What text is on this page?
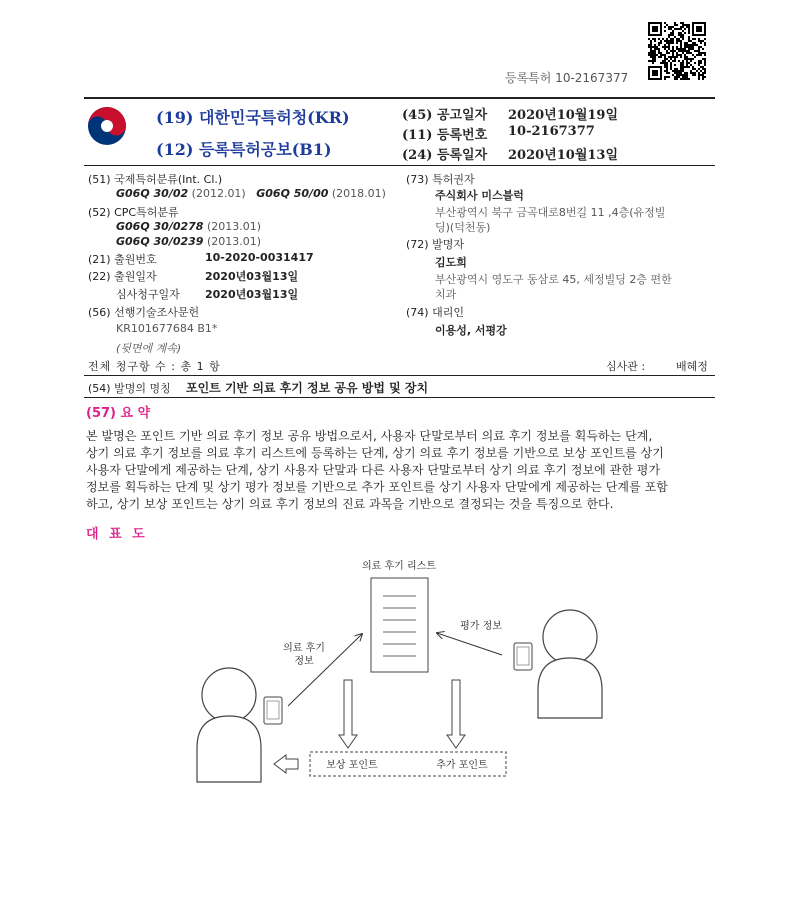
등록특허 10-2167377
(19) 대한민국특허청(KR)
(12) 등록특허공보(B1)
(45) 공고일자 2020년10월19일
(11) 등록번호 10-2167377
(24) 등록일자 2020년10월13일
(51) 국제특허분류(Int. Cl.)
G06Q 30/02 (2012.01) G06Q 50/00 (2018.01)
(52) CPC특허분류
G06Q 30/0278 (2013.01)
G06Q 30/0239 (2013.01)
(21) 출원번호	10-2020-0031417
(22) 출원일자	2020년03월13일
심사청구일자 2020년03월13일
(56) 선행기술조사문헌
KR101677684 B1*
(뒷면에 계속)
(73) 특허권자
주식회사 미스블럭
부산광역시 북구 금곡대로8번길 11 ,4층(유정빌
딩)(덕천동)
(72) 발명자
김도희
부산광역시 영도구 동삼로 45, 세정빌딩 2층 편한
치과
(74) 대리인
이용성, 서평강
전체 청구항 수 : 총 1 항	심사관 :	배혜정
(54) 발명의 명칭 포인트 기반 의료 후기 정보 공유 방법 및 장치
(57) 요 약

본 발명은 포인트 기반 의료 후기 정보 공유 방법으로서, 사용자 단말로부터 의료 후기 정보를 획득하는 단계,

상기 의료 후기 정보를 의료 후기 리스트에 등록하는 단계, 상기 의료 후기 정보를 기반으로 보상 포인트를 상기

사용자 단말에게 제공하는 단계, 상기 사용자 단말과 다른 사용자 단말로부터 상기 의료 후기 정보에 관한 평가

정보를 획득하는 단계 및 상기 평가 정보를 기반으로 추가 포인트를 상기 사용자 단말에게 제공하는 단계를 포함

하고, 상기 보상 포인트는 상기 의료 후기 정보의 진료 과목을 기반으로 결정되는 것을 특징으로 한다.

대 표 도
의료 후기 리스트
의료 후기
정보
평가 정보
보상 포인트	추가 포인트
